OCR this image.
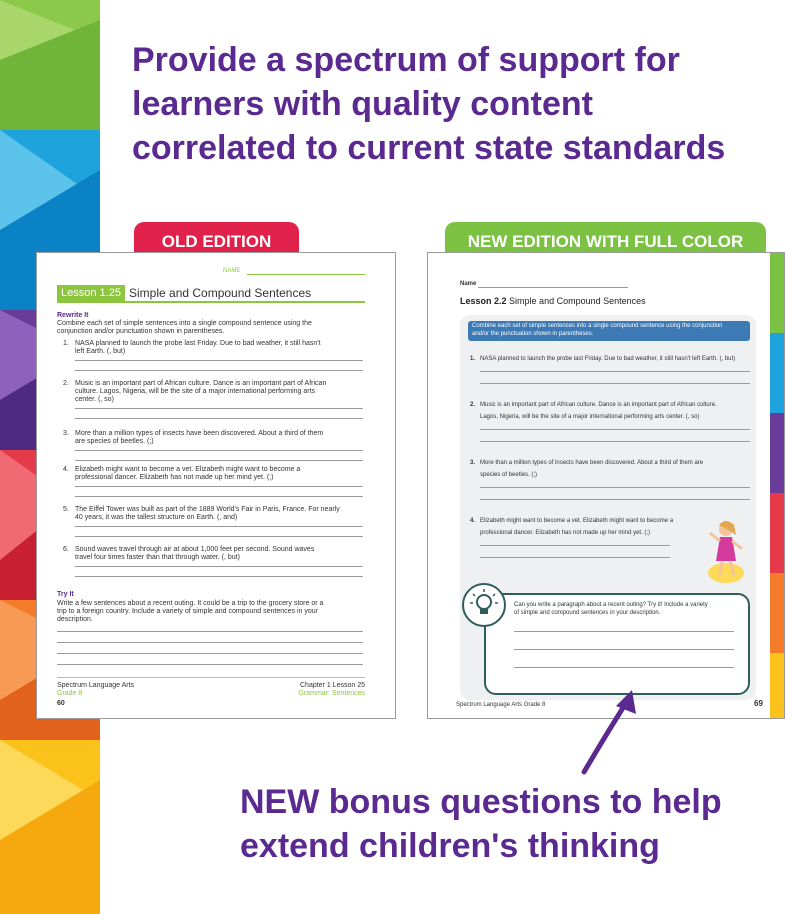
Provide a spectrum of support for
learners with quality content
correlated to current state standards
OLD EDITION	NEW EDITION WITH FULL COLOR
NAME
Lesson 1.25 Simple and Compound Sentences
Rewrite It
Combine each set of simple sentences into a single compound sentence using the
conjunction and/or punctuation shown in parentheses.
1. NASA planned to launch the probe last Friday. Due to bad weather, it still hasn't
left Earth. (, but)
2. Music is an important part of African culture. Dance is an important part of African
culture. Lagos, Nigeria, will be the site of a major international performing arts
center. (, so)
3. More than a million types of insects have been discovered. About a third of them
are species of beetles. (;)
4. Elizabeth might want to become a vet. Elizabeth might want to become a
professional dancer. Elizabeth has not made up her mind yet. (;)
5. The Eiffel Tower was built as part of the 1889 World's Fair in Paris, France. For nearly
40 years, it was the tallest structure on Earth. (, and)
6. Sound waves travel through air at about 1,000 feet per second. Sound waves
travel four times faster than that through water. (, but)
Try It
Write a few sentences about a recent outing. It could be a trip to the grocery store or a
trip to a foreign country. Include a variety of simple and compound sentences in your
description.
Spectrum Language Arts
Grade 8
60
Chapter 1 Lesson 25
Grammar: Sentences
Name
Lesson 2.2 Simple and Compound Sentences
Combine each set of simple sentences into a single compound sentence using the conjunction
and/or the punctuation shown in parentheses.
1. NASA planned to launch the probe last Friday. Due to bad weather, it still hasn't left Earth. (, but)
2. Music is an important part of African culture. Dance is an important part of African culture.
Lagos, Nigeria, will be the site of a major international performing arts center. (, so)
3. More than a million types of insects have been discovered. About a third of them are
species of beetles. (;)
4. Elizabeth might want to become a vet. Elizabeth might want to become a
professional dancer. Elizabeth has not made up her mind yet. (;)
Can you write a paragraph about a recent outing? Try it! Include a variety
of simple and compound sentences in your description.
Spectrum Language Arts Grade 8	69
NEW bonus questions to help
extend children's thinking
